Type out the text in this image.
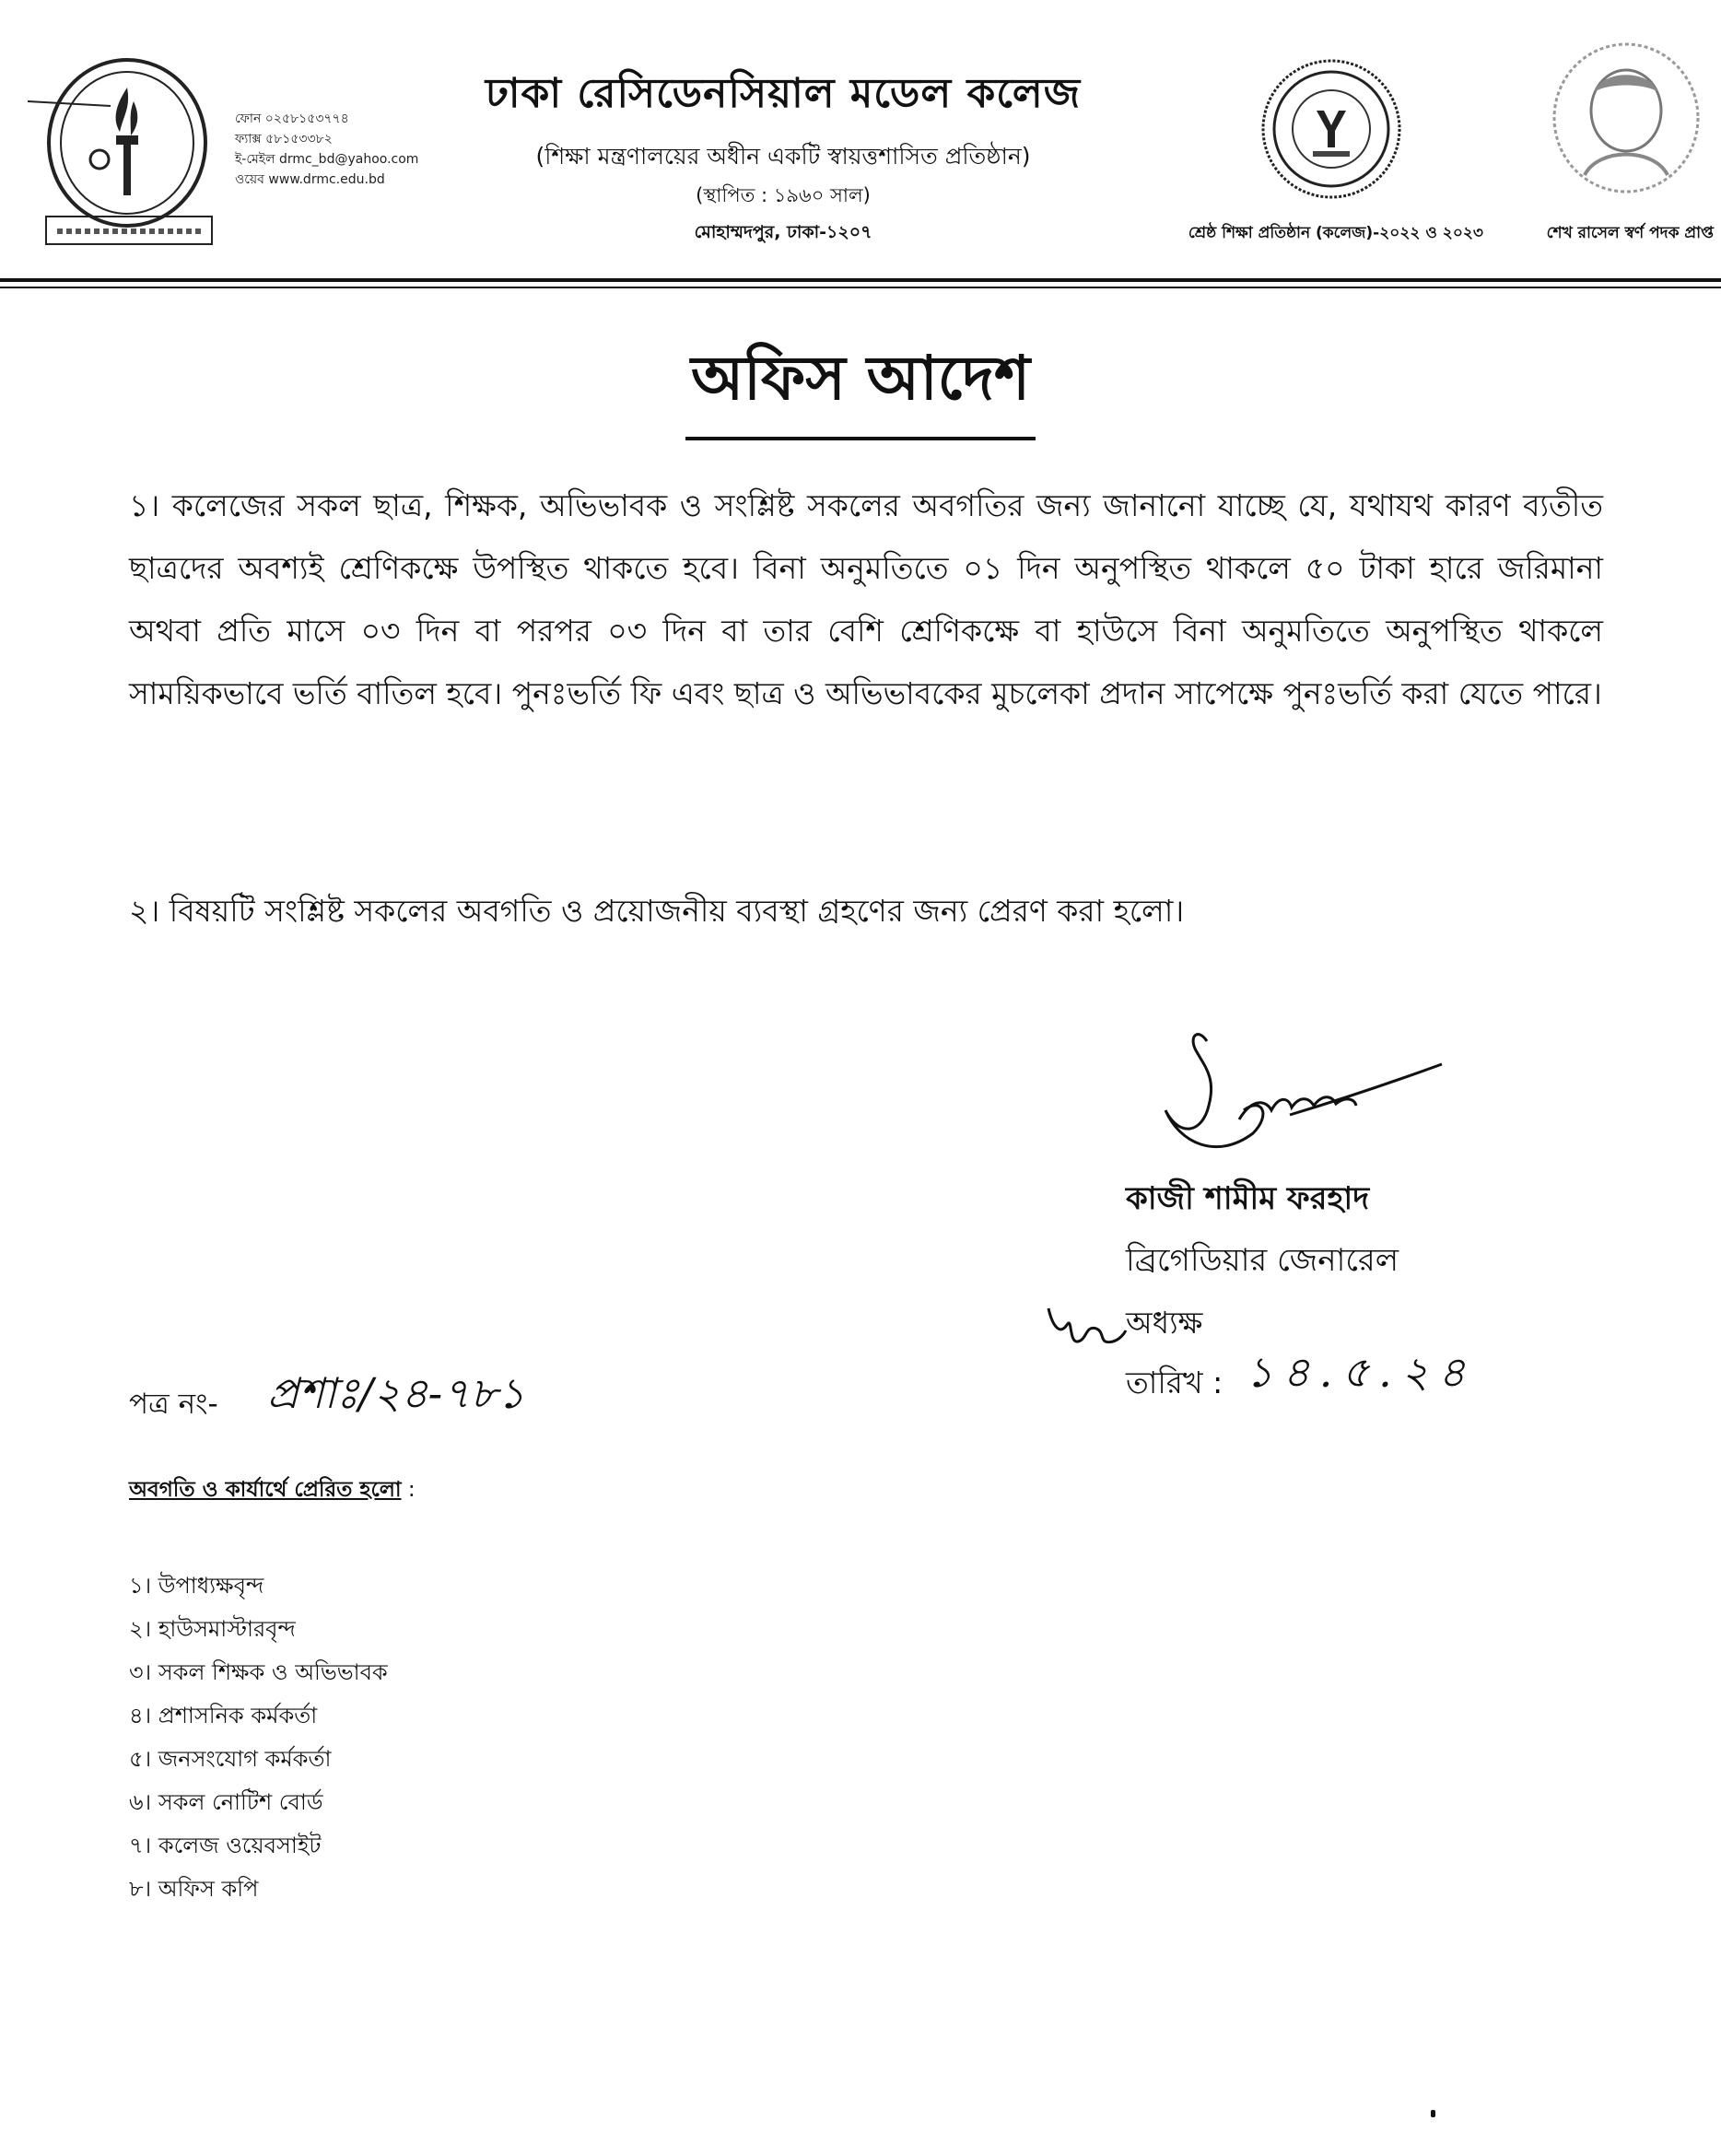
ফোন ০২৫৮১৫৩৭৭৪
ফ্যাক্স ৫৮১৫৩৩৮২
ই-মেইল drmc_bd@yahoo.com
ওয়েব www.drmc.edu.bd
ঢাকা রেসিডেনসিয়াল মডেল কলেজ
(শিক্ষা মন্ত্রণালয়ের অধীন একটি স্বায়ত্তশাসিত প্রতিষ্ঠান)
(স্থাপিত : ১৯৬০ সাল)
মোহাম্মদপুর, ঢাকা-১২০৭	শ্রেষ্ঠ শিক্ষা প্রতিষ্ঠান (কলেজ)-২০২২ ও ২০২৩	শেখ রাসেল স্বর্ণ পদক প্রাপ্ত
অফিস আদেশ
১। কলেজের সকল ছাত্র, শিক্ষক, অভিভাবক ও সংশ্লিষ্ট সকলের অবগতির জন্য জানানো যাচ্ছে যে, যথাযথ কারণ ব্যতীত ছাত্রদের অবশ্যই শ্রেণিকক্ষে উপস্থিত থাকতে হবে। বিনা অনুমতিতে ০১ দিন অনুপস্থিত থাকলে ৫০ টাকা হারে জরিমানা অথবা প্রতি মাসে ০৩ দিন বা পরপর ০৩ দিন বা তার বেশি শ্রেণিকক্ষে বা হাউসে বিনা অনুমতিতে অনুপস্থিত থাকলে সাময়িকভাবে ভর্তি বাতিল হবে। পুনঃভর্তি ফি এবং ছাত্র ও অভিভাবকের মুচলেকা প্রদান সাপেক্ষে পুনঃভর্তি করা যেতে পারে।
২। বিষয়টি সংশ্লিষ্ট সকলের অবগতি ও প্রয়োজনীয় ব্যবস্থা গ্রহণের জন্য প্রেরণ করা হলো।
কাজী শামীম ফরহাদ
ব্রিগেডিয়ার জেনারেল
অধ্যক্ষ
তারিখ : ১৪.৫.২৪
পত্র নং- প্রশাঃ/২৪-৭৮১
অবগতি ও কার্যার্থে প্রেরিত হলো :
১। উপাধ্যক্ষবৃন্দ
২। হাউসমাস্টারবৃন্দ
৩। সকল শিক্ষক ও অভিভাবক
৪। প্রশাসনিক কর্মকর্তা
৫। জনসংযোগ কর্মকর্তা
৬। সকল নোটিশ বোর্ড
৭। কলেজ ওয়েবসাইট
৮। অফিস কপি
